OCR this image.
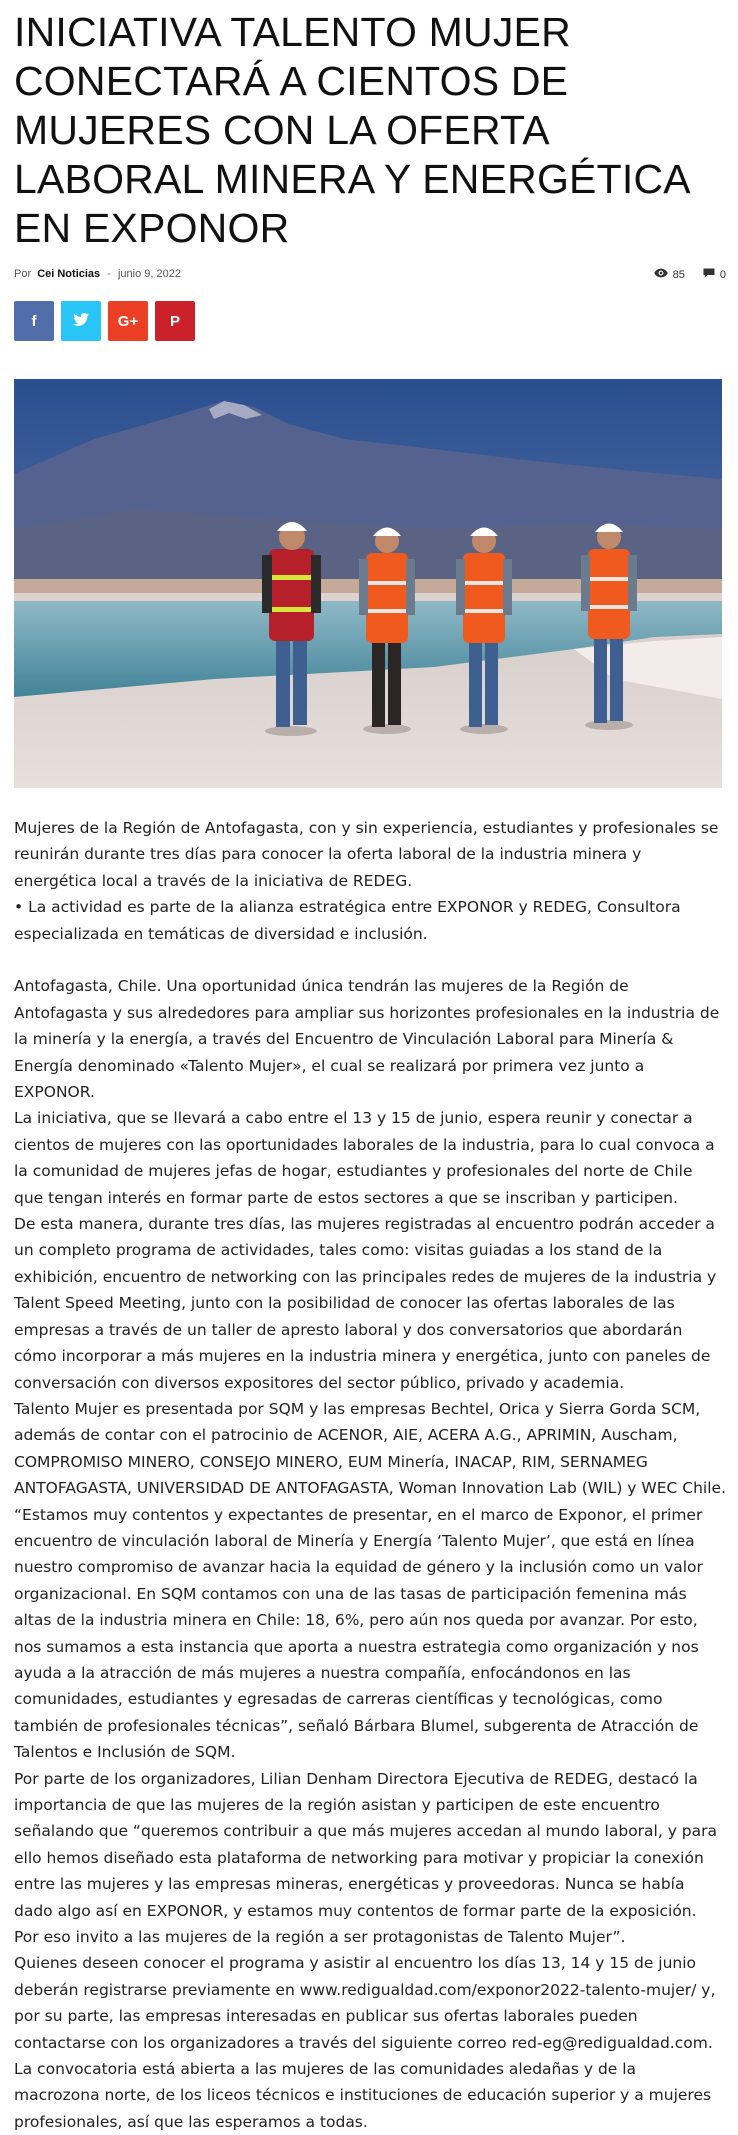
INICIATIVA TALENTO MUJER CONECTARÁ A CIENTOS DE MUJERES CON LA OFERTA LABORAL MINERA Y ENERGÉTICA EN EXPONOR
Por Cei Noticias - junio 9, 2022	85	0
f	G+ P

Mujeres de la Región de Antofagasta, con y sin experiencia, estudiantes y profesionales se reunirán durante tres días para conocer la oferta laboral de la industria minera y energética local a través de la iniciativa de REDEG.

• La actividad es parte de la alianza estratégica entre EXPONOR y REDEG, Consultora especializada en temáticas de diversidad e inclusión.

Antofagasta, Chile. Una oportunidad única tendrán las mujeres de la Región de Antofagasta y sus alrededores para ampliar sus horizontes profesionales en la industria de la minería y la energía, a través del Encuentro de Vinculación Laboral para Minería & Energía denominado «Talento Mujer», el cual se realizará por primera vez junto a EXPONOR.

La iniciativa, que se llevará a cabo entre el 13 y 15 de junio, espera reunir y conectar a cientos de mujeres con las oportunidades laborales de la industria, para lo cual convoca a la comunidad de mujeres jefas de hogar, estudiantes y profesionales del norte de Chile que tengan interés en formar parte de estos sectores a que se inscriban y participen.

De esta manera, durante tres días, las mujeres registradas al encuentro podrán acceder a un completo programa de actividades, tales como: visitas guiadas a los stand de la exhibición, encuentro de networking con las principales redes de mujeres de la industria y Talent Speed Meeting, junto con la posibilidad de conocer las ofertas laborales de las empresas a través de un taller de apresto laboral y dos conversatorios que abordarán cómo incorporar a más mujeres en la industria minera y energética, junto con paneles de conversación con diversos expositores del sector público, privado y academia.

Talento Mujer es presentada por SQM y las empresas Bechtel, Orica y Sierra Gorda SCM, además de contar con el patrocinio de ACENOR, AIE, ACERA A.G., APRIMIN, Auscham, COMPROMISO MINERO, CONSEJO MINERO, EUM Minería, INACAP, RIM, SERNAMEG ANTOFAGASTA, UNIVERSIDAD DE ANTOFAGASTA, Woman Innovation Lab (WIL) y WEC Chile.

“Estamos muy contentos y expectantes de presentar, en el marco de Exponor, el primer encuentro de vinculación laboral de Minería y Energía ‘Talento Mujer’, que está en línea nuestro compromiso de avanzar hacia la equidad de género y la inclusión como un valor organizacional. En SQM contamos con una de las tasas de participación femenina más altas de la industria minera en Chile: 18, 6%, pero aún nos queda por avanzar. Por esto, nos sumamos a esta instancia que aporta a nuestra estrategia como organización y nos ayuda a la atracción de más mujeres a nuestra compañía, enfocándonos en las comunidades, estudiantes y egresadas de carreras científicas y tecnológicas, como también de profesionales técnicas”, señaló Bárbara Blumel, subgerenta de Atracción de Talentos e Inclusión de SQM.

Por parte de los organizadores, Lilian Denham Directora Ejecutiva de REDEG, destacó la importancia de que las mujeres de la región asistan y participen de este encuentro señalando que “queremos contribuir a que más mujeres accedan al mundo laboral, y para ello hemos diseñado esta plataforma de networking para motivar y propiciar la conexión entre las mujeres y las empresas mineras, energéticas y proveedoras. Nunca se había dado algo así en EXPONOR, y estamos muy contentos de formar parte de la exposición. Por eso invito a las mujeres de la región a ser protagonistas de Talento Mujer”.

Quienes deseen conocer el programa y asistir al encuentro los días 13, 14 y 15 de junio deberán registrarse previamente en www.redigualdad.com/exponor2022-talento-mujer/ y, por su parte, las empresas interesadas en publicar sus ofertas laborales pueden contactarse con los organizadores a través del siguiente correo red-eg@redigualdad.com. La convocatoria está abierta a las mujeres de las comunidades aledañas y de la macrozona norte, de los liceos técnicos e instituciones de educación superior y a mujeres profesionales, así que las esperamos a todas.
